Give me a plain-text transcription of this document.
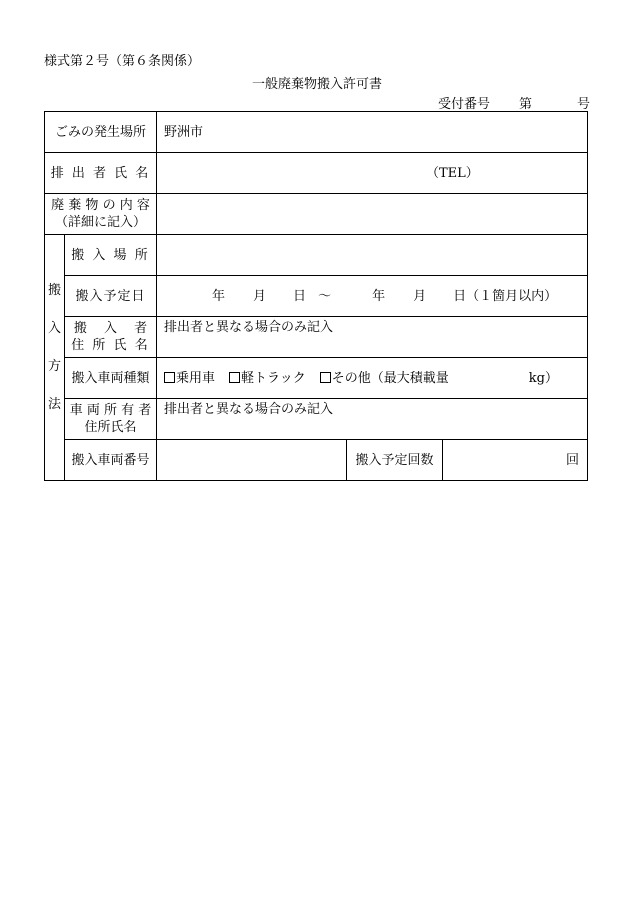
様式第２号（第６条関係）
一般廃棄物搬入許可書
受付番号 第	号
ごみの発生場所		野洲市		
排 出 者 氏 名		（TEL）		

廃 棄 物 の 内 容
（詳細に記入）				

搬
入
方
法	搬 入 場 所			
	搬入予定日	年 月 日 〜 年 月 日（１箇月以内）		

	搬　 入　 者
住 所 氏 名	排出者と異なる場合のみ記入		
	搬入車両種類	乗用車 軽トラック その他（最大積載量 kg）		

	車 両 所 有 者
住所氏名	排出者と異なる場合のみ記入		
	搬入車両番号		搬入予定回数	回
